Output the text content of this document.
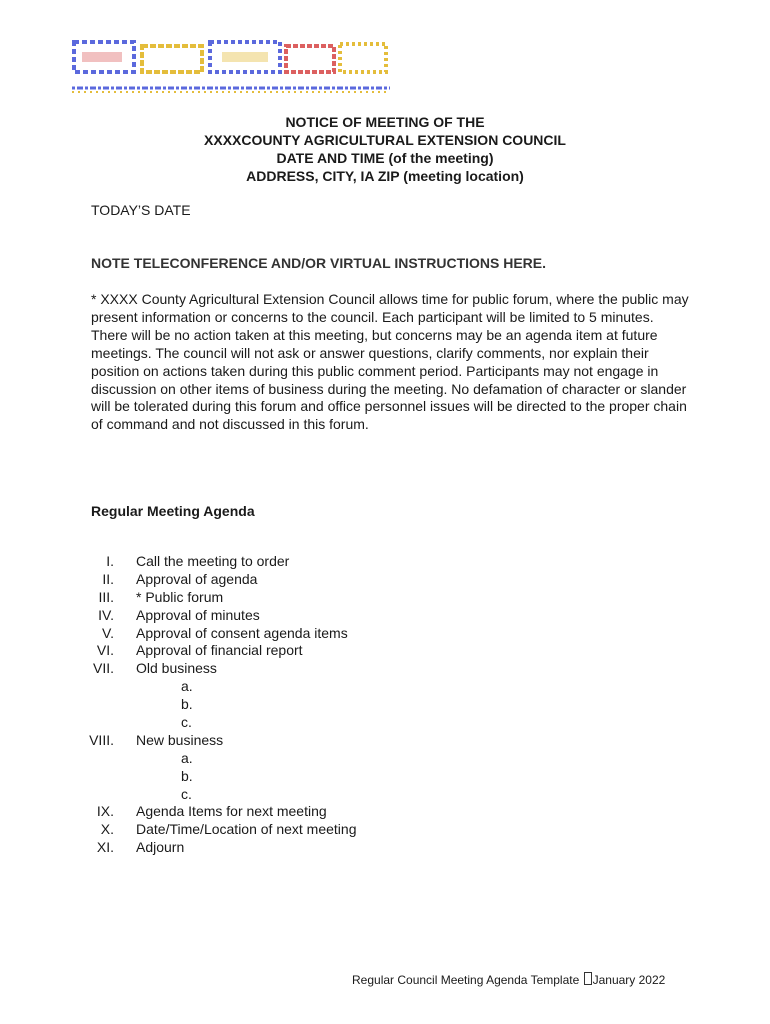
NOTICE OF MEETING OF THE
XXXXCOUNTY AGRICULTURAL EXTENSION COUNCIL
DATE AND TIME (of the meeting)
ADDRESS, CITY, IA ZIP (meeting location)
TODAY’S DATE
NOTE TELECONFERENCE AND/OR VIRTUAL INSTRUCTIONS HERE.

* XXXX County Agricultural Extension Council allows time for public forum, where the public may present information or concerns to the council. Each participant will be limited to 5 minutes. There will be no action taken at this meeting, but concerns may be an agenda item at future meetings. The council will not ask or answer questions, clarify comments, nor explain their position on actions taken during this public comment period. Participants may not engage in discussion on other items of business during the meeting. No defamation of character or slander will be tolerated during this forum and office personnel issues will be directed to the proper chain of command and not discussed in this forum.

Regular Meeting Agenda
I. Call the meeting to order
II. Approval of agenda
III. * Public forum
IV. Approval of minutes
V. Approval of consent agenda items
VI. Approval of financial report
VII. Old business
a.
b.
c.
VIII. New business
a.
b.
c.
IX. Agenda Items for next meeting
X. Date/Time/Location of next meeting
XI. Adjourn
Regular Council Meeting Agenda Template January 2022
